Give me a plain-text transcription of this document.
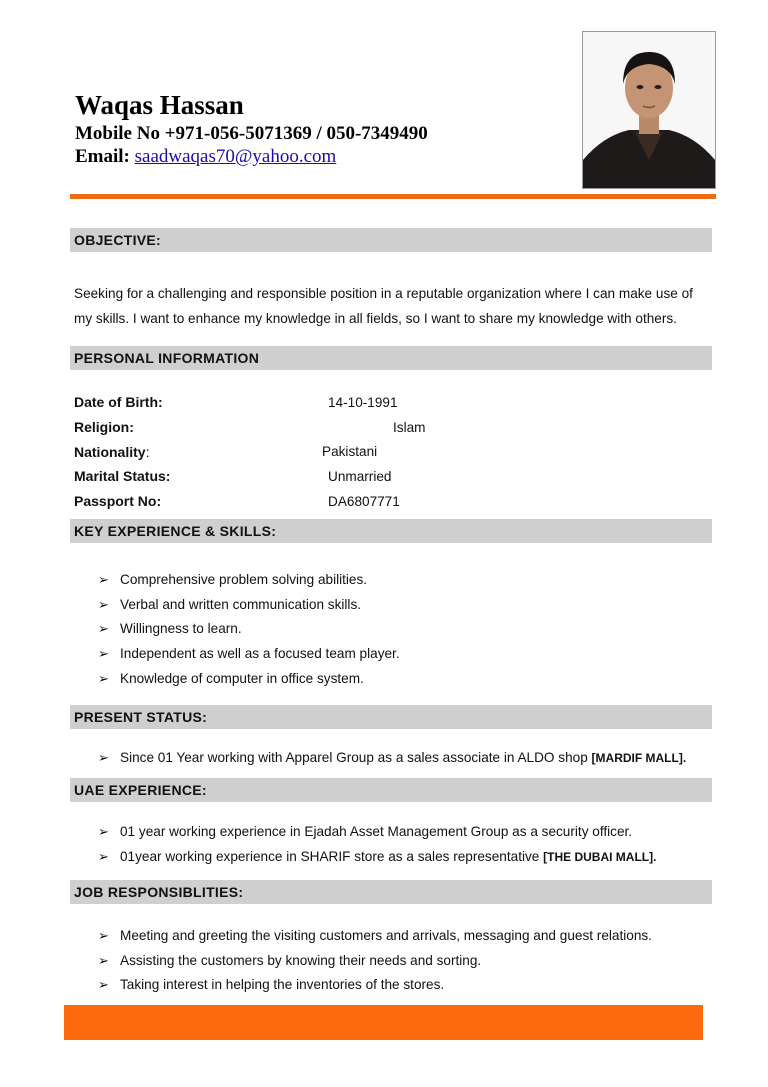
Waqas Hassan
Mobile No +971-056-5071369 / 050-7349490
Email: saadwaqas70@yahoo.com
OBJECTIVE:
Seeking for a challenging and responsible position in a reputable organization where I can make use of
my skills. I want to enhance my knowledge in all fields, so I want to share my knowledge with others.
PERSONAL INFORMATION
Date of Birth:	14-10-1991
Religion:	Islam
Nationality:	Pakistani
Marital Status:	Unmarried
Passport No:	DA6807771
KEY EXPERIENCE & SKILLS:
➢ Comprehensive problem solving abilities.
➢ Verbal and written communication skills.
➢ Willingness to learn.
➢ Independent as well as a focused team player.
➢ Knowledge of computer in office system.
PRESENT STATUS:
➢ Since 01 Year working with Apparel Group as a sales associate in ALDO shop [MARDIF MALL].
UAE EXPERIENCE:
➢ 01 year working experience in Ejadah Asset Management Group as a security officer.
➢ 01year working experience in SHARIF store as a sales representative [THE DUBAI MALL].
JOB RESPONSIBLITIES:
➢ Meeting and greeting the visiting customers and arrivals, messaging and guest relations.
➢ Assisting the customers by knowing their needs and sorting.
➢ Taking interest in helping the inventories of the stores.
